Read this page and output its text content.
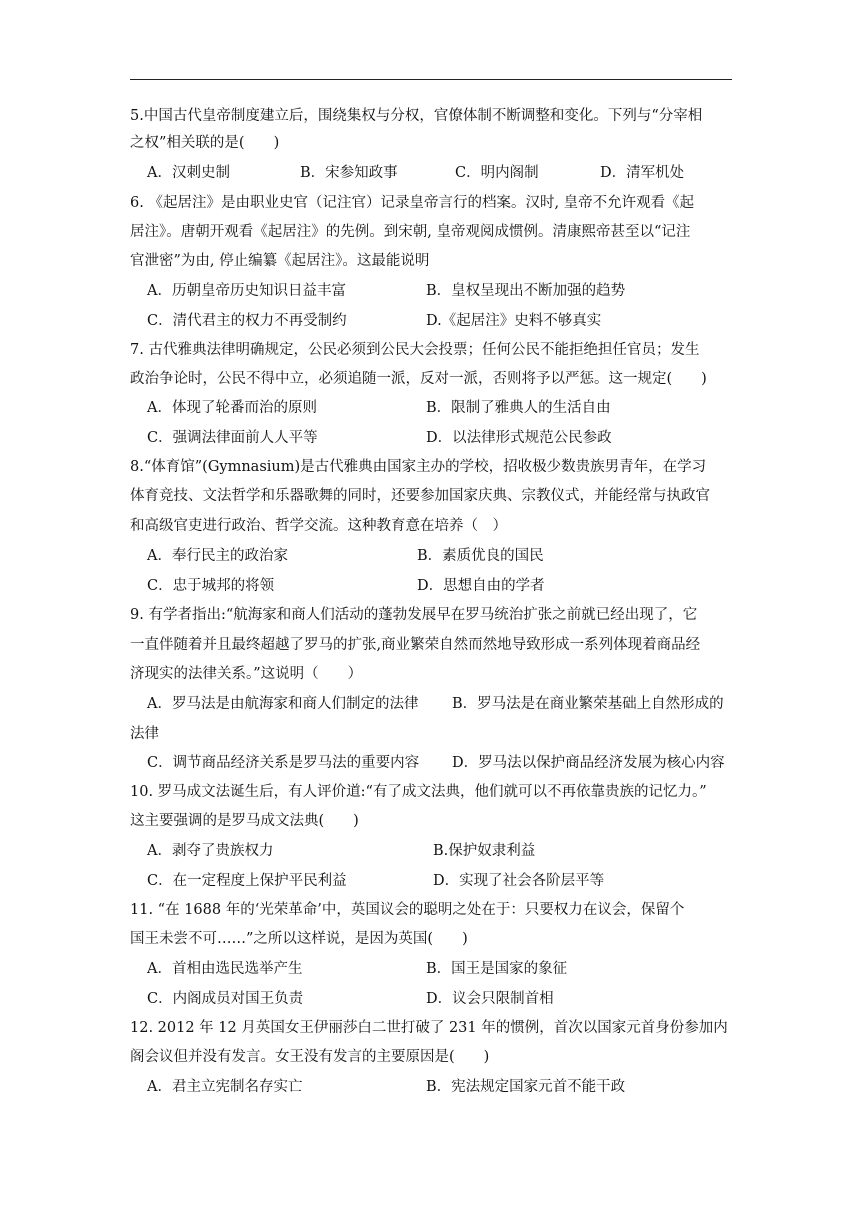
5.中国古代皇帝制度建立后，围绕集权与分权，官僚体制不断调整和变化。下列与“分宰相
之权”相关联的是(　　)
A．汉刺史制	B．宋参知政事	C．明内阁制	D．清军机处
6. 《起居注》是由职业史官（记注官）记录皇帝言行的档案。汉时, 皇帝不允许观看《起
居注》。唐朝开观看《起居注》的先例。到宋朝, 皇帝观阅成惯例。清康熙帝甚至以“记注
官泄密”为由, 停止编纂《起居注》。这最能说明
A．历朝皇帝历史知识日益丰富	B．皇权呈现出不断加强的趋势
C．清代君主的权力不再受制约	D.《起居注》史料不够真实
7. 古代雅典法律明确规定，公民必须到公民大会投票；任何公民不能拒绝担任官员；发生
政治争论时，公民不得中立，必须追随一派，反对一派，否则将予以严惩。这一规定(　　)
A．体现了轮番而治的原则	B．限制了雅典人的生活自由
C．强调法律面前人人平等	D．以法律形式规范公民参政
8.“体育馆”(Gymnasium)是古代雅典由国家主办的学校，招收极少数贵族男青年，在学习
体育竞技、文法哲学和乐器歌舞的同时，还要参加国家庆典、宗教仪式，并能经常与执政官
和高级官吏进行政治、哲学交流。这种教育意在培养（　）
A．奉行民主的政治家	B．素质优良的国民
C．忠于城邦的将领	D．思想自由的学者
9. 有学者指出:“航海家和商人们活动的蓬勃发展早在罗马统治扩张之前就已经出现了，它
一直伴随着并且最终超越了罗马的扩张,商业繁荣自然而然地导致形成一系列体现着商品经
济现实的法律关系。”这说明（　　）
A．罗马法是由航海家和商人们制定的法律 B．罗马法是在商业繁荣基础上自然形成的
法律
C．调节商品经济关系是罗马法的重要内容 D．罗马法以保护商品经济发展为核心内容
10. 罗马成文法诞生后，有人评价道:“有了成文法典，他们就可以不再依靠贵族的记忆力。”
这主要强调的是罗马成文法典(　　)
A．剥夺了贵族权力	B.保护奴隶利益
C．在一定程度上保护平民利益	D．实现了社会各阶层平等
11. “在 1688 年的‘光荣革命’中，英国议会的聪明之处在于：只要权力在议会，保留个
国王未尝不可……”之所以这样说，是因为英国(　　)
A．首相由选民选举产生	B．国王是国家的象征
C．内阁成员对国王负责	D．议会只限制首相
12. 2012 年 12 月英国女王伊丽莎白二世打破了 231 年的惯例，首次以国家元首身份参加内
阁会议但并没有发言。女王没有发言的主要原因是(　　)
A．君主立宪制名存实亡	B．宪法规定国家元首不能干政
